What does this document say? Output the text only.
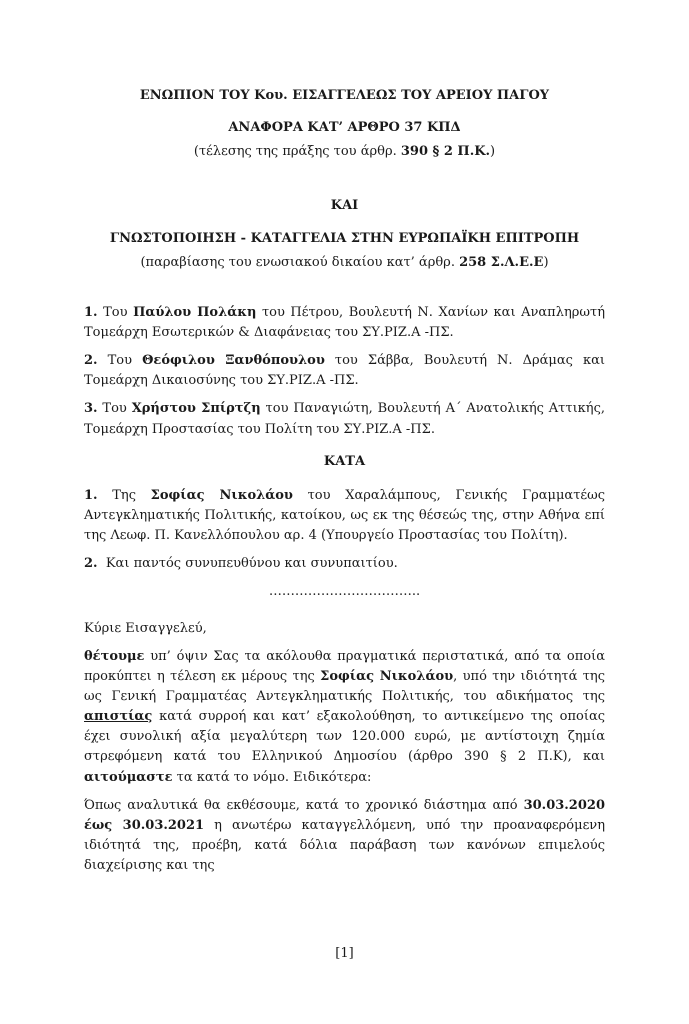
ΕΝΩΠΙΟΝ ΤΟΥ Κου. ΕΙΣΑΓΓΕΛΕΩΣ ΤΟΥ ΑΡΕΙΟΥ ΠΑΓΟΥ

ΑΝΑΦΟΡΑ ΚΑΤ’ ΑΡΘΡΟ 37 ΚΠΔ

(τέλεσης της πράξης του άρθρ. 390 § 2 Π.Κ.)

ΚΑΙ

ΓΝΩΣΤΟΠΟΙΗΣΗ - ΚΑΤΑΓΓΕΛΙΑ ΣΤΗΝ ΕΥΡΩΠΑΪΚΗ ΕΠΙΤΡΟΠΗ

(παραβίασης του ενωσιακού δικαίου κατ’ άρθρ. 258 Σ.Λ.Ε.Ε)

1. Του Παύλου Πολάκη του Πέτρου, Βουλευτή Ν. Χανίων και Αναπληρωτή Τομεάρχη Εσωτερικών & Διαφάνειας του ΣΥ.ΡΙΖ.Α -ΠΣ.

2. Του Θεόφιλου Ξανθόπουλου του Σάββα, Βουλευτή Ν. Δράμας και Τομεάρχη Δικαιοσύνης του ΣΥ.ΡΙΖ.Α -ΠΣ.

3. Του Χρήστου Σπίρτζη του Παναγιώτη, Βουλευτή Α΄ Ανατολικής Αττικής, Τομεάρχη Προστασίας του Πολίτη του ΣΥ.ΡΙΖ.Α -ΠΣ.

ΚΑΤΑ

1. Της Σοφίας Νικολάου του Χαραλάμπους, Γενικής Γραμματέως Αντεγκληματικής Πολιτικής, κατοίκου, ως εκ της θέσεώς της, στην Αθήνα επί της Λεωφ. Π. Κανελλόπουλου αρ. 4 (Υπουργείο Προστασίας του Πολίτη).

2.  Και παντός συνυπευθύνου και συνυπαιτίου.

……………………………..

Κύριε Εισαγγελεύ,

θέτουμε υπ’ όψιν Σας τα ακόλουθα πραγματικά περιστατικά, από τα οποία προκύπτει η τέλεση εκ μέρους της Σοφίας Νικολάου, υπό την ιδιότητά της ως Γενική Γραμματέας Αντεγκληματικής Πολιτικής, του αδικήματος της απιστίας κατά συρροή και κατ’ εξακολούθηση, το αντικείμενο της οποίας έχει συνολική αξία μεγαλύτερη των 120.000 ευρώ, με αντίστοιχη ζημία στρεφόμενη κατά του Ελληνικού Δημοσίου (άρθρο 390 § 2 Π.Κ), και αιτούμαστε τα κατά το νόμο. Ειδικότερα:

Όπως αναλυτικά θα εκθέσουμε, κατά το χρονικό διάστημα από 30.03.2020 έως 30.03.2021 η ανωτέρω καταγγελλόμενη, υπό την προαναφερόμενη ιδιότητά της, προέβη, κατά δόλια παράβαση των κανόνων επιμελούς διαχείρισης και της

[1]
